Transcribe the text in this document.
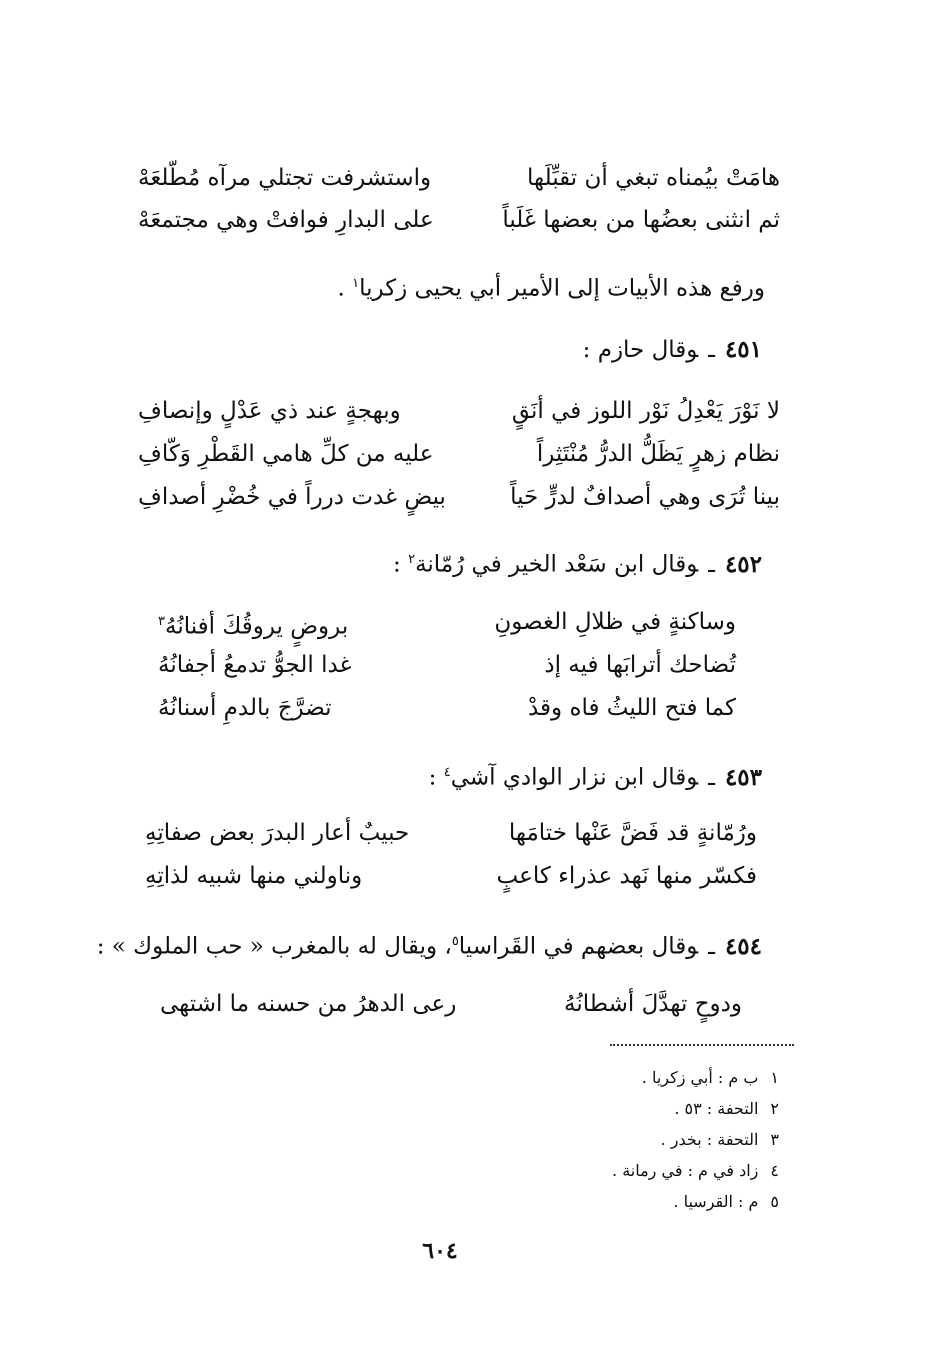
هامَتْ بيُمناه تبغي أن تقبِّلَها
واستشرفت تجتلي مرآه مُطّلعَهْ
ثم انثنى بعضُها من بعضها غَلَباً
على البدارِ فوافتْ وهي مجتمعَهْ
ورفع هذه الأبيات إلى الأمير أبي يحيى زكريا$^١$ .
٤٥١ـوقال حازم :
لا نَوْرَ يَعْدِلُ نَوْر اللوز في أنَقٍ
وبهجةٍ عند ذي عَدْلٍ وإنصافِ
نظام زهرٍ يَظَلُّ الدرُّ مُنْتَثِراً
عليه من كلِّ هامي القَطْرِ وَكّافِ
بينا تُرَى وهي أصدافٌ لدرٍّ حَياً
بيضٍ غدت درراً في خُضْرِ أصدافِ
٤٥٢ـوقال ابن سَعْد الخير في رُمّانة$^٢$ :
وساكنةٍ في ظلالِ الغصونِ
بروضٍ يروقُكَ أفنانُهُ$^٣$
تُضاحك أترابَها فيه إذ
غدا الجوُّ تدمعُ أجفانُهُ
كما فتح الليثُ فاه وقدْ
تضرَّجَ بالدمِ أسنانُهُ
٤٥٣ـوقال ابن نزار الوادي آشي$^٤$ :
ورُمّانةٍ قد فَضَّ عَنْها ختامَها
حبيبٌ أعار البدرَ بعض صفاتِهِ
فكسّر منها نَهد عذراء كاعبٍ
وناولني منها شبيه لذاتِهِ
٤٥٤ـوقال بعضهم في القَراسيا$^٥$، ويقال له بالمغرب « حب الملوك » :
ودوحٍ تهدَّلَ أشطانُهُ
رعى الدهرُ من حسنه ما اشتهى
١ب م : أبي زكريا .
٢التحفة : ٥٣ .
٣التحفة : بخدر .
٤زاد في م : في رمانة .
٥م : القرسيا .
٦٠٤
